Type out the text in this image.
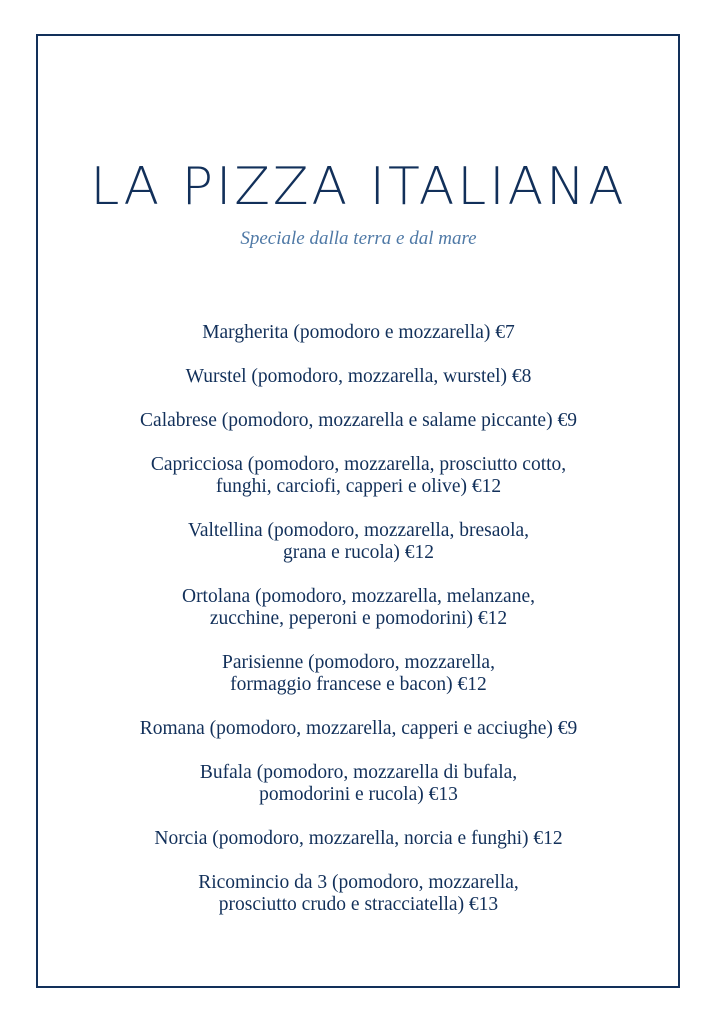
LA PIZZA ITALIANA
Speciale dalla terra e dal mare
Margherita (pomodoro e mozzarella) €7
Wurstel (pomodoro, mozzarella, wurstel) €8
Calabrese (pomodoro, mozzarella e salame piccante) €9
Capricciosa (pomodoro, mozzarella, prosciutto cotto,
funghi, carciofi, capperi e olive) €12
Valtellina (pomodoro, mozzarella, bresaola,
grana e rucola) €12
Ortolana (pomodoro, mozzarella, melanzane,
zucchine, peperoni e pomodorini) €12
Parisienne (pomodoro, mozzarella,
formaggio francese e bacon) €12
Romana (pomodoro, mozzarella, capperi e acciughe) €9
Bufala (pomodoro, mozzarella di bufala,
pomodorini e rucola) €13
Norcia (pomodoro, mozzarella, norcia e funghi) €12
Ricomincio da 3 (pomodoro, mozzarella,
prosciutto crudo e stracciatella) €13
